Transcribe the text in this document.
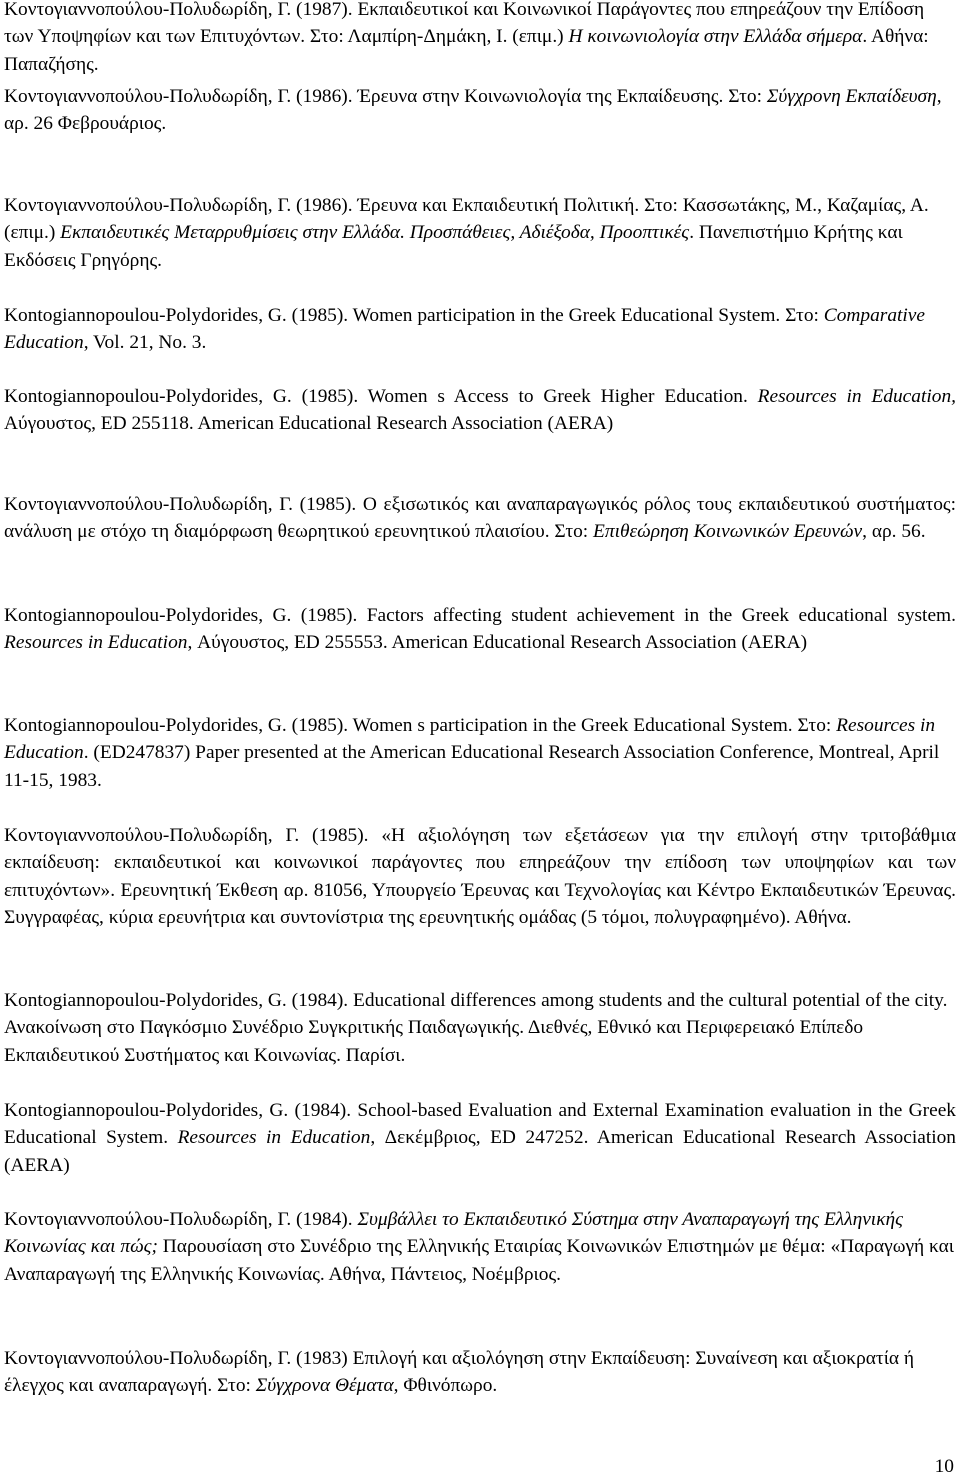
Κοντογιαννοπούλου-Πολυδωρίδη, Γ. (1987). Εκπαιδευτικοί και Κοινωνικοί Παράγοντες που επηρεάζουν την Επίδοση των Υποψηφίων και των Επιτυχόντων. Στο: Λαμπίρη-Δημάκη, Ι. (επιμ.) Η κοινωνιολογία στην Ελλάδα σήμερα. Αθήνα: Παπαζήσης.

Κοντογιαννοπούλου-Πολυδωρίδη, Γ. (1986). Έρευνα στην Κοινωνιολογία της Εκπαίδευσης. Στο: Σύγχρονη Εκπαίδευση, αρ. 26 Φεβρουάριος.

Κοντογιαννοπούλου-Πολυδωρίδη, Γ. (1986). Έρευνα και Εκπαιδευτική Πολιτική. Στο: Κασσωτάκης, Μ., Καζαμίας, Α. (επιμ.) Εκπαιδευτικές Μεταρρυθμίσεις στην Ελλάδα. Προσπάθειες, Αδιέξοδα, Προοπτικές. Πανεπιστήμιο Κρήτης και Εκδόσεις Γρηγόρης.

Kontogiannopoulou-Polydorides, G. (1985). Women participation in the Greek Educational System. Στο: Comparative Education, Vol. 21, No. 3.

Kontogiannopoulou-Polydorides, G. (1985). Women s Access to Greek Higher Education. Resources in Education, Αύγουστος, ED 255118. American Educational Research Association (AERA)

Κοντογιαννοπούλου-Πολυδωρίδη, Γ. (1985). Ο εξισωτικός και αναπαραγωγικός ρόλος τους εκπαιδευτικού συστήματος: ανάλυση με στόχο τη διαμόρφωση θεωρητικού ερευνητικού πλαισίου. Στο: Επιθεώρηση Κοινωνικών Ερευνών, αρ. 56.

Kontogiannopoulou-Polydorides, G. (1985). Factors affecting student achievement in the Greek educational system. Resources in Education, Αύγουστος, ED 255553. American Educational Research Association (AERA)

Kontogiannopoulou-Polydorides, G. (1985). Women s participation in the Greek Educational System. Στο: Resources in Education. (ED247837) Paper presented at the American Educational Research Association Conference, Montreal, April 11-15, 1983.

Κοντογιαννοπούλου-Πολυδωρίδη, Γ. (1985). «Η αξιολόγηση των εξετάσεων για την επιλογή στην τριτοβάθμια εκπαίδευση: εκπαιδευτικοί και κοινωνικοί παράγοντες που επηρεάζουν την επίδοση των υποψηφίων και των επιτυχόντων». Ερευνητική Έκθεση αρ. 81056, Υπουργείο Έρευνας και Τεχνολογίας και Κέντρο Εκπαιδευτικών Έρευνας. Συγγραφέας, κύρια ερευνήτρια και συντονίστρια της ερευνητικής ομάδας (5 τόμοι, πολυγραφημένο). Αθήνα.

Kontogiannopoulou-Polydorides, G. (1984). Educational differences among students and the cultural potential of the city. Ανακοίνωση στο Παγκόσμιο Συνέδριο Συγκριτικής Παιδαγωγικής. Διεθνές, Εθνικό και Περιφερειακό Επίπεδο Εκπαιδευτικού Συστήματος και Κοινωνίας. Παρίσι.

Kontogiannopoulou-Polydorides, G. (1984). School-based Evaluation and External Examination evaluation in the Greek Educational System. Resources in Education, Δεκέμβριος, ED 247252. American Educational Research Association (AERA)

Κοντογιαννοπούλου-Πολυδωρίδη, Γ. (1984). Συμβάλλει το Εκπαιδευτικό Σύστημα στην Αναπαραγωγή της Ελληνικής Κοινωνίας και πώς; Παρουσίαση στο Συνέδριο της Ελληνικής Εταιρίας Κοινωνικών Επιστημών με θέμα: «Παραγωγή και Αναπαραγωγή της Ελληνικής Κοινωνίας. Αθήνα, Πάντειος, Νοέμβριος.

Κοντογιαννοπούλου-Πολυδωρίδη, Γ. (1983) Επιλογή και αξιολόγηση στην Εκπαίδευση: Συναίνεση και αξιοκρατία ή έλεγχος και αναπαραγωγή. Στο: Σύγχρονα Θέματα, Φθινόπωρο.

10
